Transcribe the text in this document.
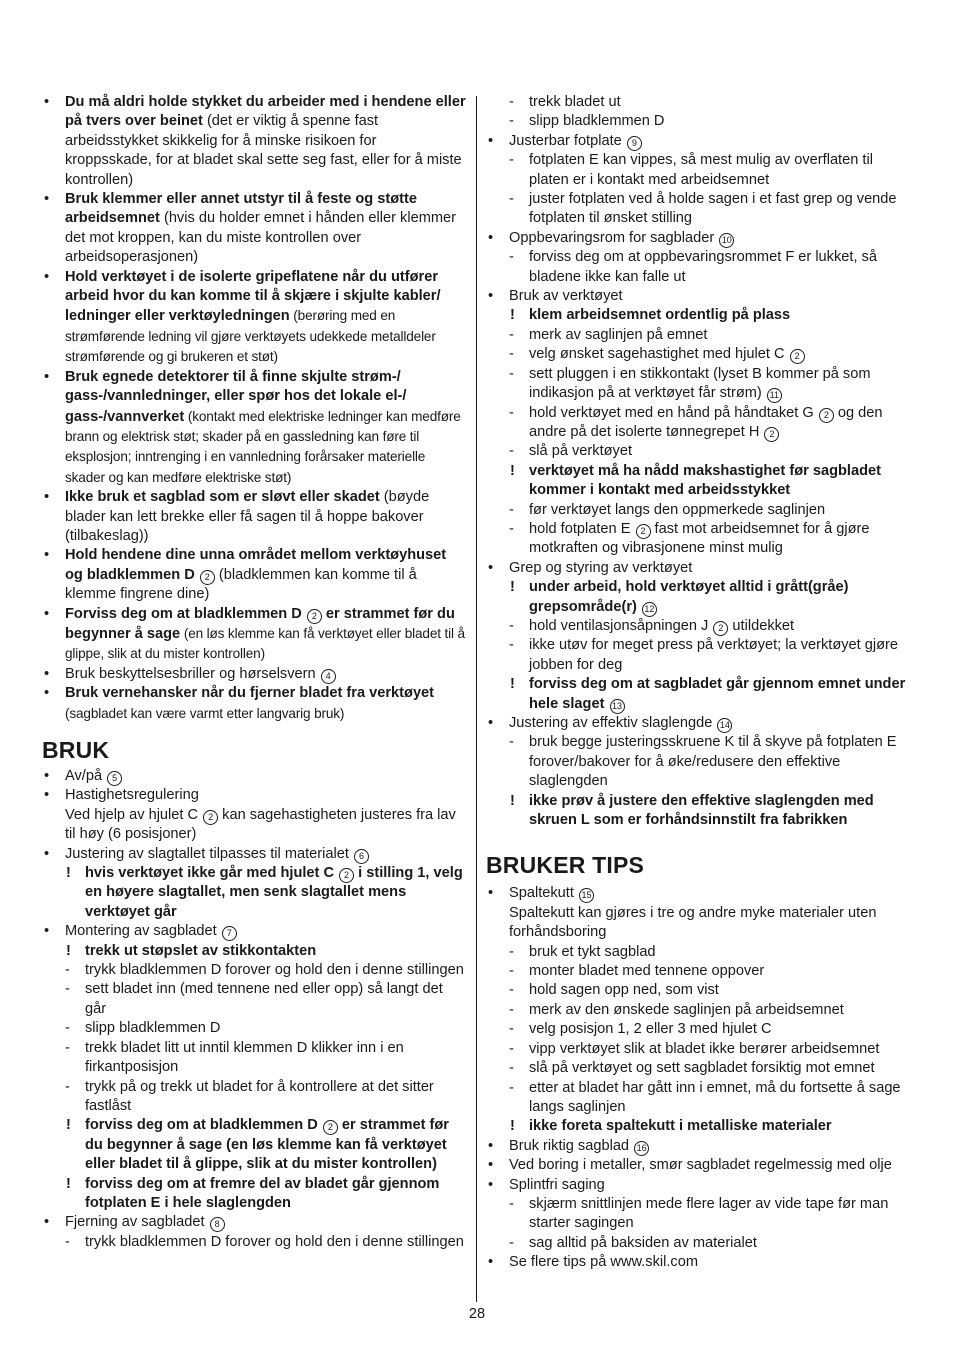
• Du må aldri holde stykket du arbeider med i hendene eller på tvers over beinet (det er viktig å spenne fast arbeidsstykket skikkelig for å minske risikoen for kroppsskade, for at bladet skal sette seg fast, eller for å miste kontrollen)
• Bruk klemmer eller annet utstyr til å feste og støtte arbeidsemnet (hvis du holder emnet i hånden eller klemmer det mot kroppen, kan du miste kontrollen over arbeidsoperasjonen)
• Hold verktøyet i de isolerte gripeflatene når du utfører arbeid hvor du kan komme til å skjære i skjulte kabler/ ledninger eller verktøyledningen (berøring med en strømførende ledning vil gjøre verktøyets udekkede metalldeler strømførende og gi brukeren et støt)
• Bruk egnede detektorer til å finne skjulte strøm-/ gass-/vannledninger, eller spør hos det lokale el-/ gass-/vannverket (kontakt med elektriske ledninger kan medføre brann og elektrisk støt; skader på en gassledning kan føre til eksplosjon; inntrenging i en vannledning forårsaker materielle skader og kan medføre elektriske støt)
• Ikke bruk et sagblad som er sløvt eller skadet (bøyde blader kan lett brekke eller få sagen til å hoppe bakover (tilbakeslag))
• Hold hendene dine unna området mellom verktøyhuset og bladklemmen D 2 (bladklemmen kan komme til å klemme fingrene dine)
• Forviss deg om at bladklemmen D 2 er strammet før du begynner å sage (en løs klemme kan få verktøyet eller bladet til å glippe, slik at du mister kontrollen)
• Bruk beskyttelsesbriller og hørselsvern 4
• Bruk vernehansker når du fjerner bladet fra verktøyet
(sagbladet kan være varmt etter langvarig bruk)
BRUK
• Av/på 5
• Hastighetsregulering
Ved hjelp av hjulet C 2 kan sagehastigheten justeres fra lav til høy (6 posisjoner)
• Justering av slagtallet tilpasses til materialet 6
! hvis verktøyet ikke går med hjulet C 2 i stilling 1, velg en høyere slagtallet, men senk slagtallet mens verktøyet går
• Montering av sagbladet 7
! trekk ut støpslet av stikkontakten
- trykk bladklemmen D forover og hold den i denne stillingen
- sett bladet inn (med tennene ned eller opp) så langt det går
- slipp bladklemmen D
- trekk bladet litt ut inntil klemmen D klikker inn i en firkantposisjon
- trykk på og trekk ut bladet for å kontrollere at det sitter fastlåst
! forviss deg om at bladklemmen D 2 er strammet før du begynner å sage (en løs klemme kan få verktøyet eller bladet til å glippe, slik at du mister kontrollen)
! forviss deg om at fremre del av bladet går gjennom fotplaten E i hele slaglengden
• Fjerning av sagbladet 8
- trykk bladklemmen D forover og hold den i denne stillingen
- trekk bladet ut
- slipp bladklemmen D
• Justerbar fotplate 9
- fotplaten E kan vippes, så mest mulig av overflaten til platen er i kontakt med arbeidsemnet
- juster fotplaten ved å holde sagen i et fast grep og vende fotplaten til ønsket stilling
• Oppbevaringsrom for sagblader 10
- forviss deg om at oppbevaringsrommet F er lukket, så bladene ikke kan falle ut
• Bruk av verktøyet
! klem arbeidsemnet ordentlig på plass
- merk av saglinjen på emnet
- velg ønsket sagehastighet med hjulet C 2
- sett pluggen i en stikkontakt (lyset B kommer på som indikasjon på at verktøyet får strøm) 11
- hold verktøyet med en hånd på håndtaket G 2 og den andre på det isolerte tønnegrepet H 2
- slå på verktøyet
! verktøyet må ha nådd makshastighet før sagbladet kommer i kontakt med arbeidsstykket
- før verktøyet langs den oppmerkede saglinjen
- hold fotplaten E 2 fast mot arbeidsemnet for å gjøre motkraften og vibrasjonene minst mulig
• Grep og styring av verktøyet
! under arbeid, hold verktøyet alltid i grått(gråe) grepsområde(r) 12
- hold ventilasjonsåpningen J 2 utildekket
- ikke utøv for meget press på verktøyet; la verktøyet gjøre jobben for deg
! forviss deg om at sagbladet går gjennom emnet under hele slaget 13
• Justering av effektiv slaglengde 14
- bruk begge justeringsskruene K til å skyve på fotplaten E forover/bakover for å øke/redusere den effektive slaglengden
! ikke prøv å justere den effektive slaglengden med skruen L som er forhåndsinnstilt fra fabrikken
BRUKER TIPS
• Spaltekutt 15
Spaltekutt kan gjøres i tre og andre myke materialer uten forhåndsboring
- bruk et tykt sagblad
- monter bladet med tennene oppover
- hold sagen opp ned, som vist
- merk av den ønskede saglinjen på arbeidsemnet
- velg posisjon 1, 2 eller 3 med hjulet C
- vipp verktøyet slik at bladet ikke berører arbeidsemnet
- slå på verktøyet og sett sagbladet forsiktig mot emnet
- etter at bladet har gått inn i emnet, må du fortsette å sage langs saglinjen
! ikke foreta spaltekutt i metalliske materialer
• Bruk riktig sagblad 16
• Ved boring i metaller, smør sagbladet regelmessig med olje
• Splintfri saging
- skjærm snittlinjen mede flere lager av vide tape før man starter sagingen
- sag alltid på baksiden av materialet
• Se flere tips på www.skil.com
28
